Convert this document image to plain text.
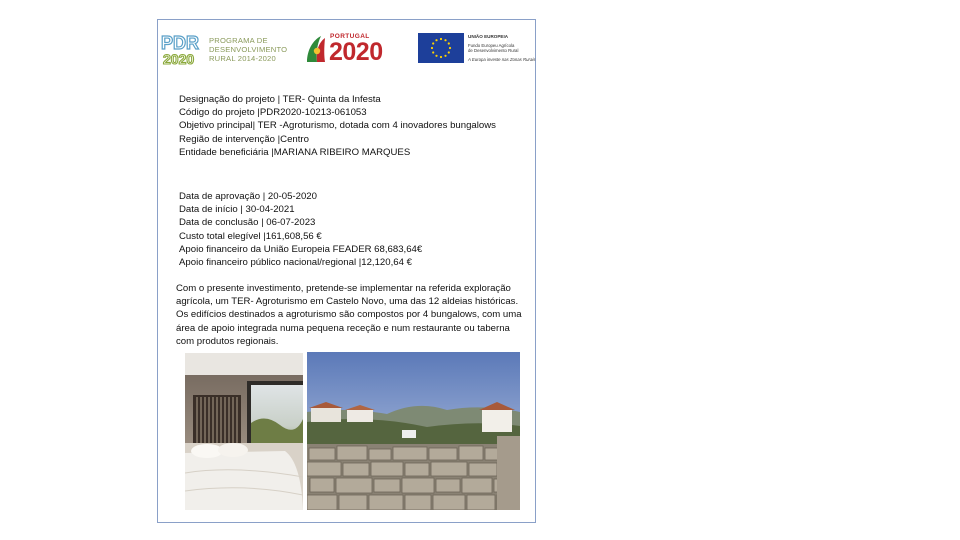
PDR
2020
PROGRAMA DE
DESENVOLVIMENTO
RURAL 2014-2020
PORTUGAL
2020
UNIÃO EUROPEIA
Fundo Europeu Agrícola
de Desenvolvimento Rural
A Europa investe nas Zonas Rurais
Designação do projeto | TER- Quinta da Infesta
Código do projeto |PDR2020-10213-061053
Objetivo principal| TER -Agroturismo, dotada com 4 inovadores bungalows
Região de intervenção |Centro
Entidade beneficiária |MARIANA RIBEIRO MARQUES
Data de aprovação | 20-05-2020
Data de início | 30-04-2021
Data de conclusão | 06-07-2023
Custo total elegível |161,608,56 €
Apoio financeiro da União Europeia FEADER 68,683,64€
Apoio financeiro público nacional/regional |12,120,64 €
Com o presente investimento, pretende-se implementar na referida exploração agrícola, um TER- Agroturismo em Castelo Novo, uma das 12 aldeias históricas. Os edifícios destinados a agroturismo são compostos por 4 bungalows, com uma área de apoio integrada numa pequena receção e num restaurante ou taberna com produtos regionais.
